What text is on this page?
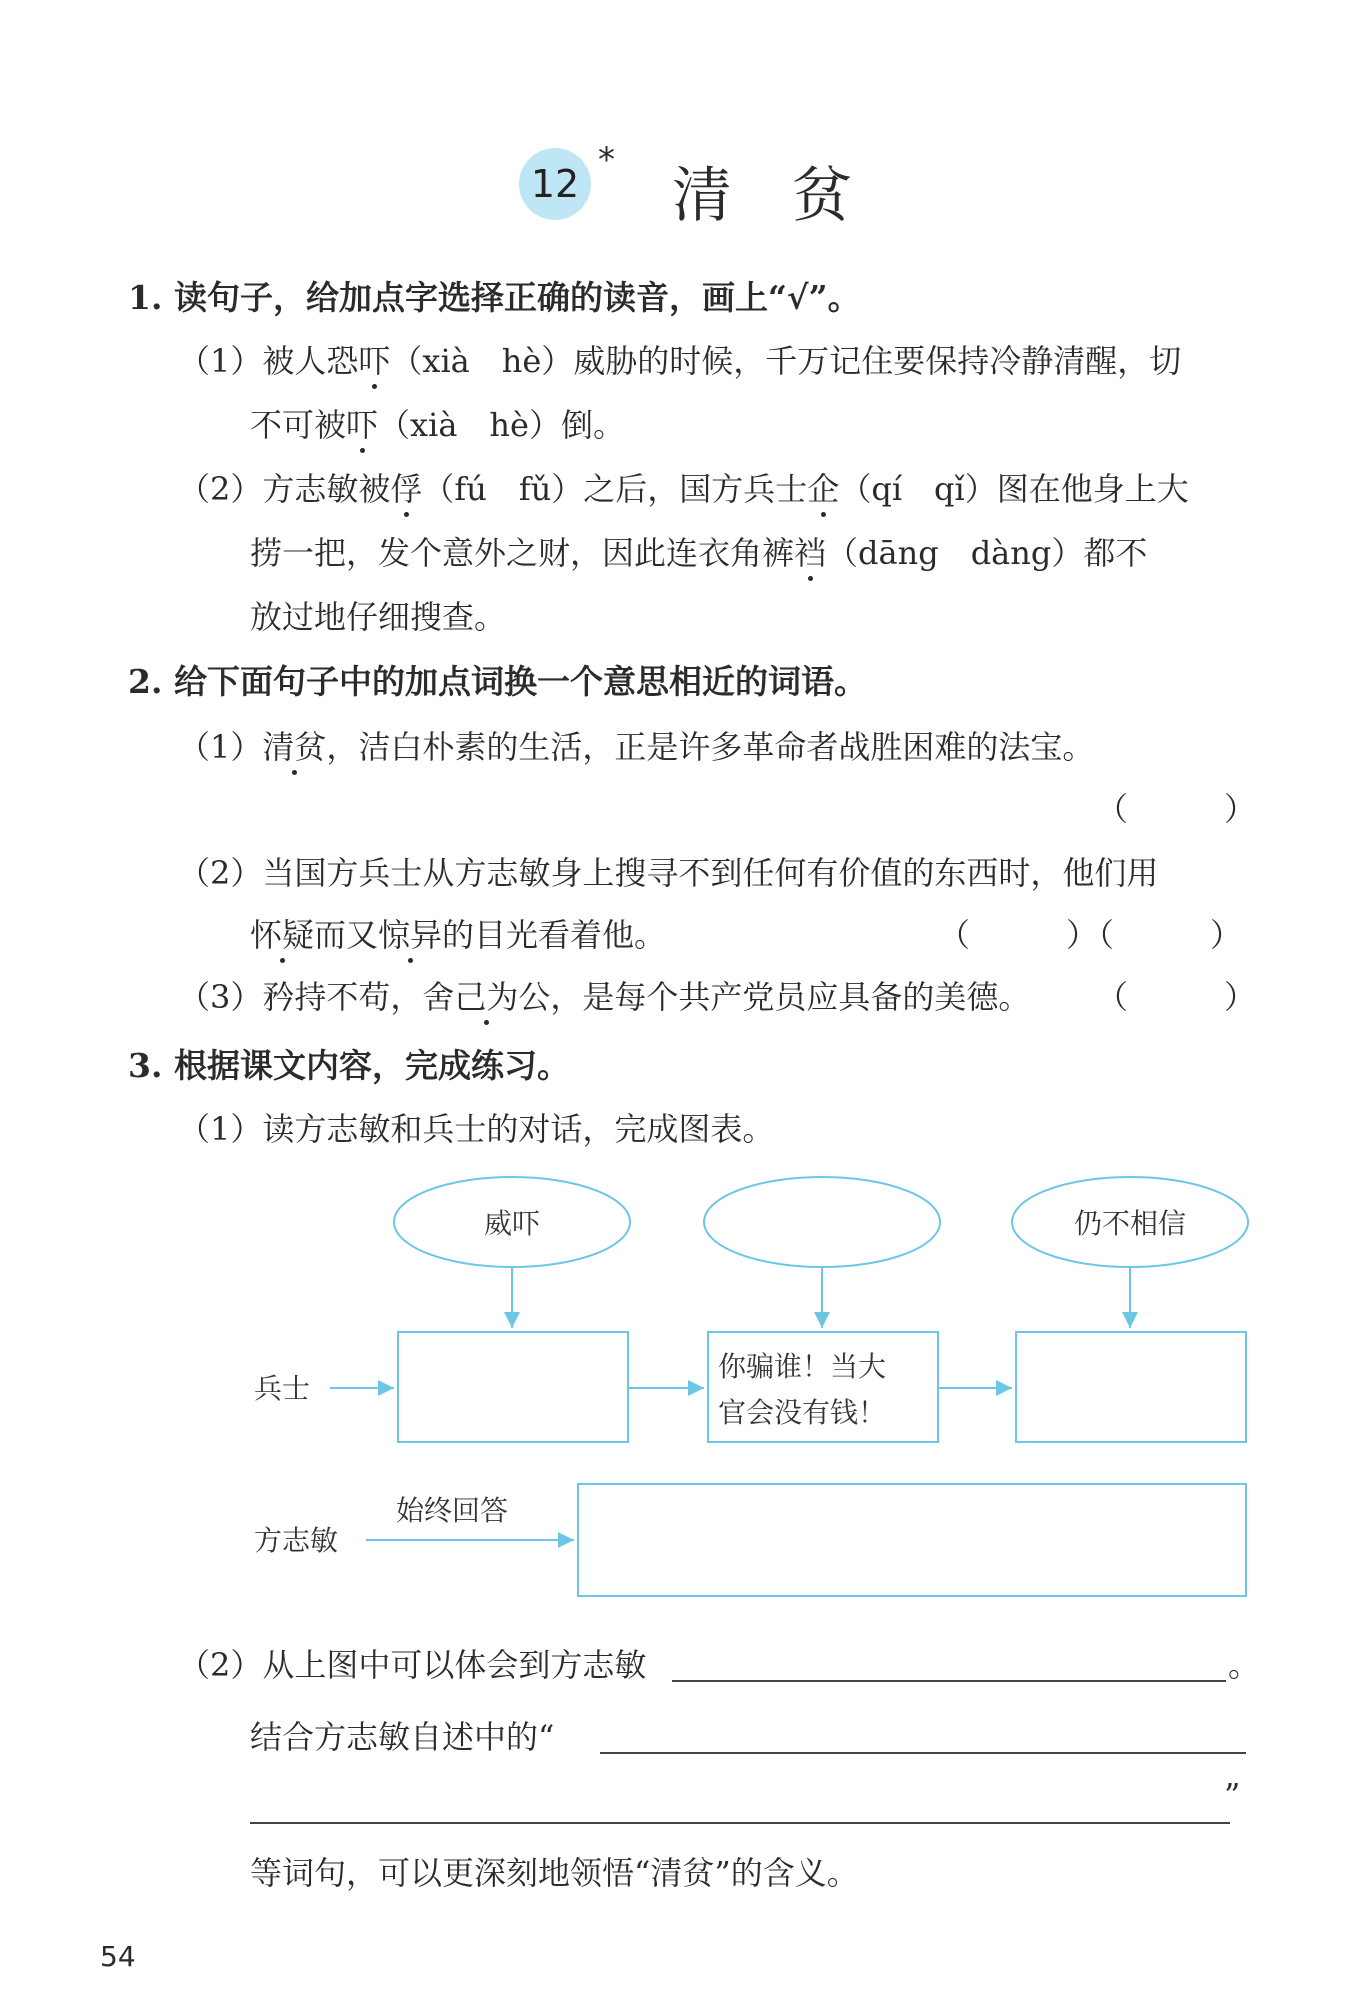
12
*
清贫
1. 读句子，给加点字选择正确的读音，画上“√”。
（1）被人恐吓（xià　hè）威胁的时候，千万记住要保持冷静清醒，切
不可被吓（xià　hè）倒。
（2）方志敏被俘（fú　fǔ）之后，国方兵士企（qí　qǐ）图在他身上大
捞一把，发个意外之财，因此连衣角裤裆（dāng　dàng）都不
放过地仔细搜查。
2. 给下面句子中的加点词换一个意思相近的词语。
（1）清贫，洁白朴素的生活，正是许多革命者战胜困难的法宝。
（　　　）
（2）当国方兵士从方志敏身上搜寻不到任何有价值的东西时，他们用
怀疑而又惊异的目光看着他。	（　　　）（　　　）
（3）矜持不苟，舍己为公，是每个共产党员应具备的美德。 （　　　）
3. 根据课文内容，完成练习。
（1）读方志敏和兵士的对话，完成图表。
威吓	仍不相信
兵士
你骗谁！当大
官会没有钱！
方志敏
始终回答
（2）从上图中可以体会到方志敏	。
结合方志敏自述中的“
”
等词句，可以更深刻地领悟“清贫”的含义。
54
